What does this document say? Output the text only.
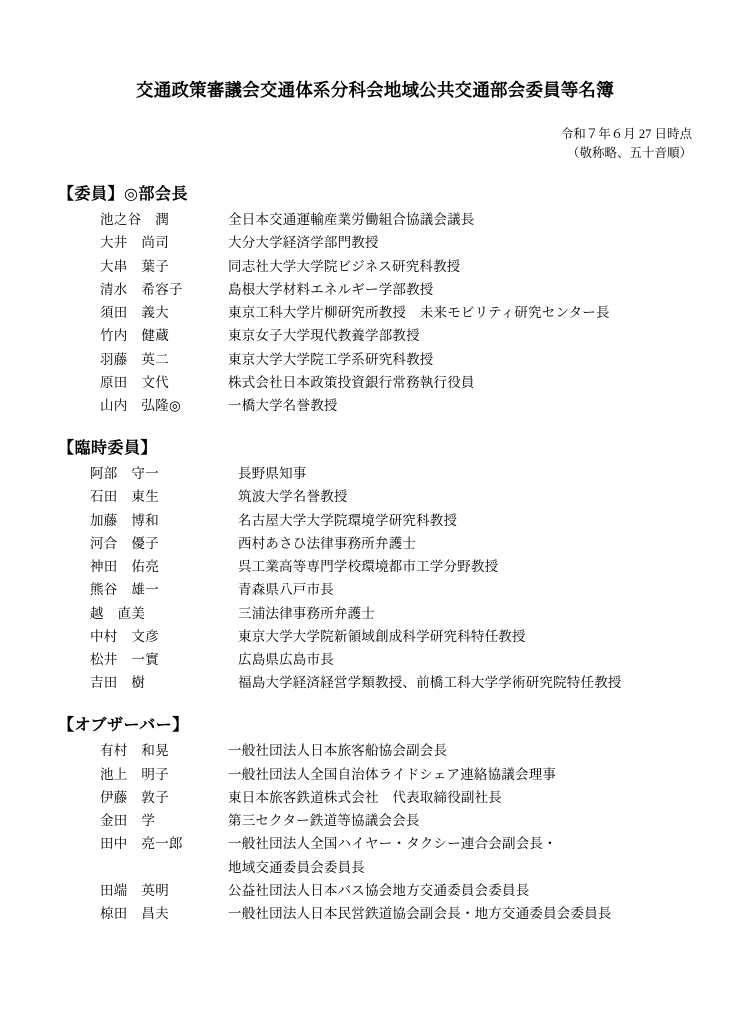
交通政策審議会交通体系分科会地域公共交通部会委員等名簿
令和７年６月 27 日時点
（敬称略、五十音順）
【委員】◎部会長
池之谷　潤	全日本交通運輸産業労働組合協議会議長
大井　尚司	大分大学経済学部門教授
大串　葉子	同志社大学大学院ビジネス研究科教授
清水　希容子	島根大学材料エネルギー学部教授
須田　義大	東京工科大学片柳研究所教授　未来モビリティ研究センター長
竹内　健蔵	東京女子大学現代教養学部教授
羽藤　英二	東京大学大学院工学系研究科教授
原田　文代	株式会社日本政策投資銀行常務執行役員
山内　弘隆◎	一橋大学名誉教授
【臨時委員】
阿部　守一	長野県知事
石田　東生	筑波大学名誉教授
加藤　博和	名古屋大学大学院環境学研究科教授
河合　優子	西村あさひ法律事務所弁護士
神田　佑亮	呉工業高等専門学校環境都市工学分野教授
熊谷　雄一	青森県八戸市長
越　直美	三浦法律事務所弁護士
中村　文彦	東京大学大学院新領域創成科学研究科特任教授
松井　一實	広島県広島市長
吉田　樹	福島大学経済経営学類教授、前橋工科大学学術研究院特任教授
【オブザーバー】
有村　和晃	一般社団法人日本旅客船協会副会長
池上　明子	一般社団法人全国自治体ライドシェア連絡協議会理事
伊藤　敦子	東日本旅客鉄道株式会社　代表取締役副社長
金田　学	第三セクター鉄道等協議会会長
田中　亮一郎	一般社団法人全国ハイヤー・タクシー連合会副会長・
地域交通委員会委員長
田端　英明	公益社団法人日本バス協会地方交通委員会委員長
椋田　昌夫	一般社団法人日本民営鉄道協会副会長・地方交通委員会委員長
